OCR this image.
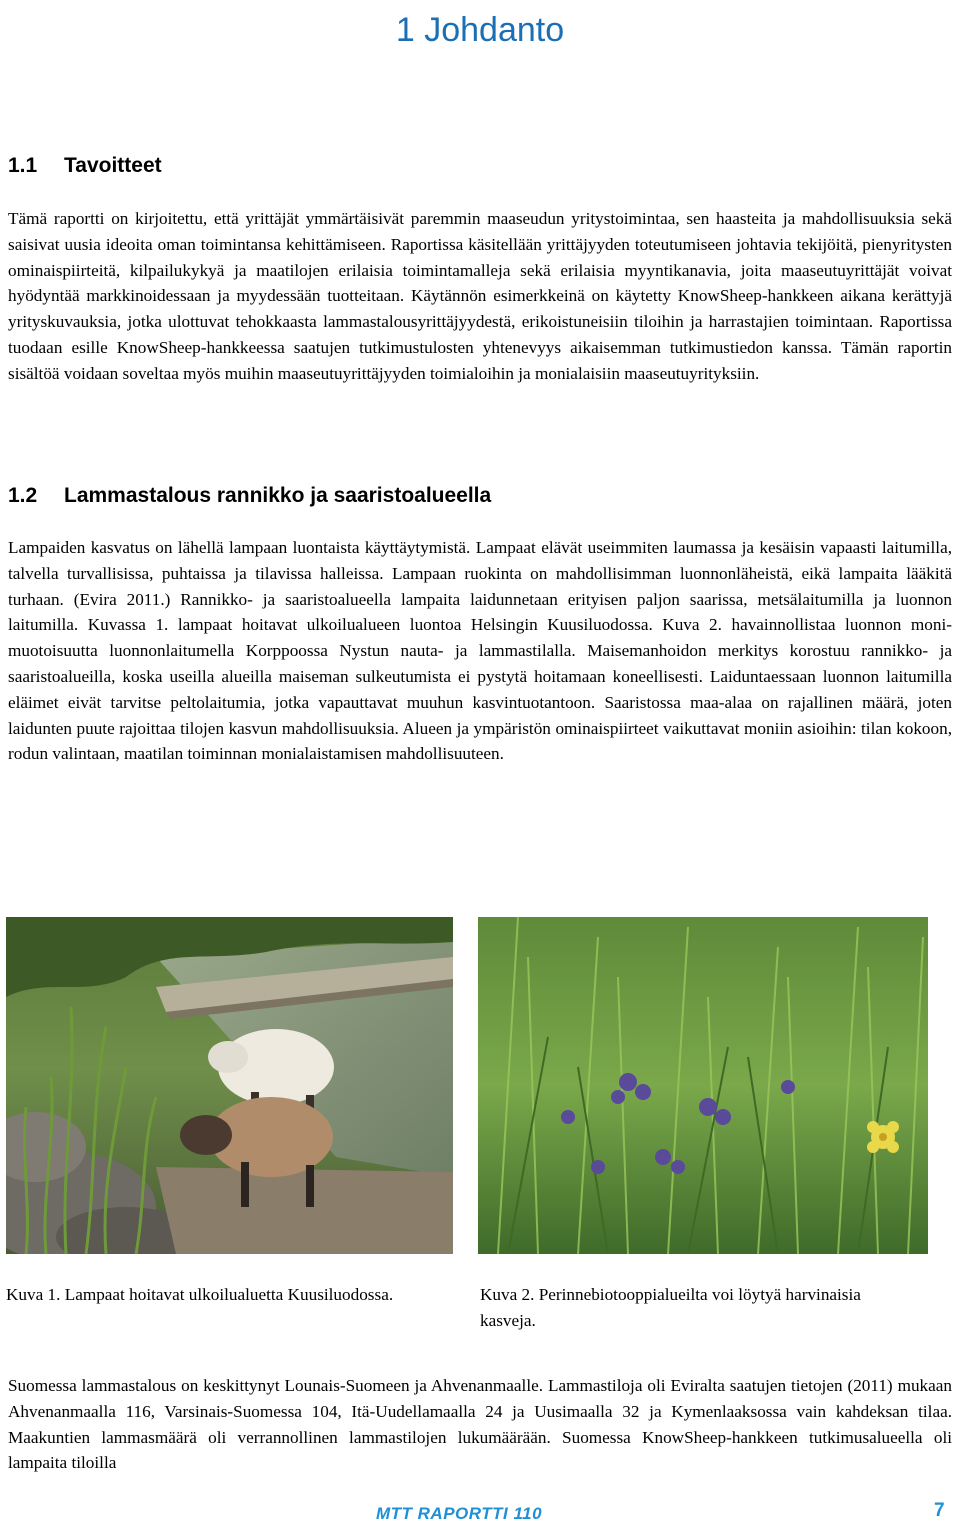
1 Johdanto
1.1 Tavoitteet
Tämä raportti on kirjoitettu, että yrittäjät ymmärtäisivät paremmin maaseudun yritystoimintaa, sen haasteita ja mahdollisuuksia sekä saisivat uusia ideoita oman toimintansa kehittämiseen. Raportissa käsitellään yrittäjyyden toteutumiseen johtavia tekijöitä, pienyritysten ominaispiirteitä, kilpailukykyä ja maatilojen erilaisia toimintamalleja sekä erilaisia myyntikanavia, joita maaseutuyrittäjät voivat hyödyntää markkinoidessaan ja myydessään tuotteitaan. Käytännön esimerkkeinä on käytetty KnowSheep-hankkeen aikana kerättyjä yrityskuvauksia, jotka ulottuvat tehokkaasta lammastalousyrittäjyydestä, erikoistuneisiin tiloihin ja harrastajien toimintaan. Raportissa tuodaan esille KnowSheep-hankkeessa saatujen tutkimustulosten yhtenevyys aikaisemman tutkimustiedon kanssa. Tämän raportin sisältöä voidaan soveltaa myös muihin maaseutuyrittäjyyden toimialoihin ja monialaisiin maaseutuyrityksiin.
1.2 Lammastalous rannikko ja saaristoalueella
Lampaiden kasvatus on lähellä lampaan luontaista käyttäytymistä. Lampaat elävät useimmiten laumassa ja kesäisin vapaasti laitumilla, talvella turvallisissa, puhtaissa ja tilavissa halleissa. Lampaan ruokinta on mahdollisimman luonnonläheistä, eikä lampaita lääkitä turhaan. (Evira 2011.) Rannikko- ja saaristoalueella lampaita laidunnetaan erityisen paljon saarissa, metsälaitumilla ja luonnon laitumilla. Kuvassa 1. lampaat hoitavat ulkoilualueen luontoa Helsingin Kuusiluodossa. Kuva 2. havainnollistaa luonnon monimuotoisuutta luonnonlaitumella Korppoossa Nystun nauta- ja lammastilalla. Maisemanhoidon merkitys korostuu rannikko- ja saaristoalueilla, koska useilla alueilla maiseman sulkeutumista ei pystytä hoitamaan koneellisesti. Laiduntaessaan luonnon laitumilla eläimet eivät tarvitse peltolaitumia, jotka vapauttavat muuhun kasvintuotantoon. Saaristossa maa-alaa on rajallinen määrä, joten laidunten puute rajoittaa tilojen kasvun mahdollisuuksia. Alueen ja ympäristön ominaispiirteet vaikuttavat moniin asioihin: tilan kokoon, rodun valintaan, maatilan toiminnan monialaistamisen mahdollisuuteen.
Kuva 1. Lampaat hoitavat ulkoilualuetta Kuusiluodossa.	Kuva 2. Perinnebiotooppialueilta voi löytyä harvinaisia kasveja.
Suomessa lammastalous on keskittynyt Lounais-Suomeen ja Ahvenanmaalle. Lammastiloja oli Eviralta saatujen tietojen (2011) mukaan Ahvenanmaalla 116, Varsinais-Suomessa 104, Itä-Uudellamaalla 24 ja Uusimaalla 32 ja Kymenlaaksossa vain kahdeksan tilaa. Maakuntien lammasmäärä oli verrannollinen lammastilojen lukumäärään. Suomessa KnowSheep-hankkeen tutkimusalueella oli lampaita tiloilla
MTT RAPORTTI 110	7
